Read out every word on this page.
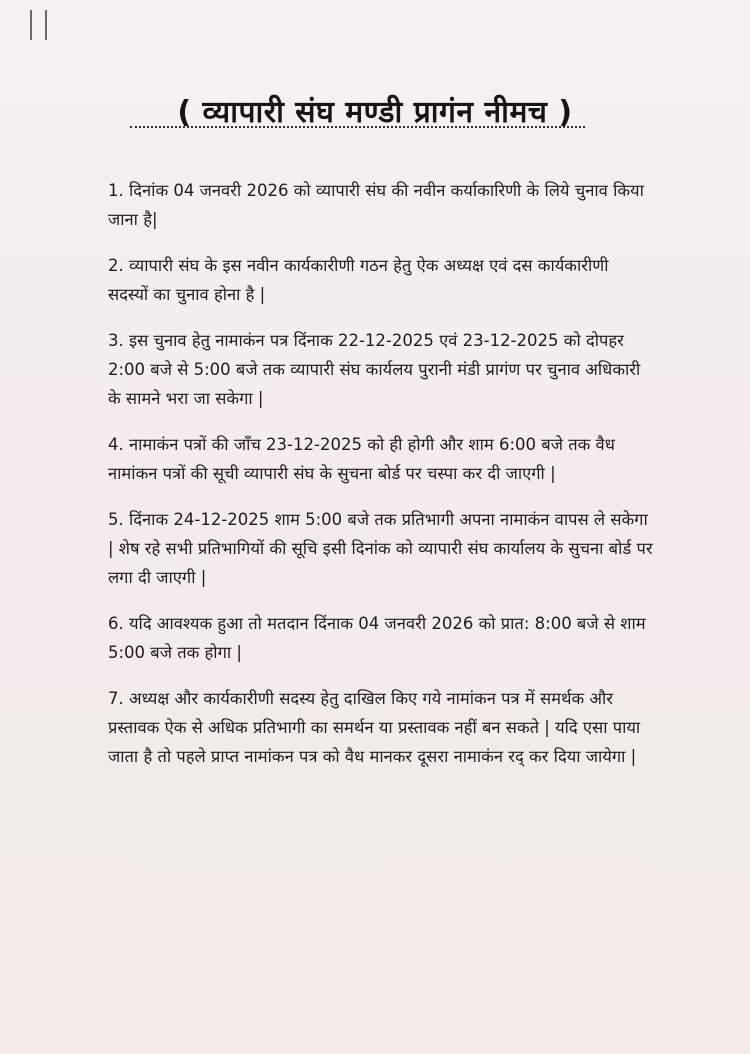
( व्यापारी संघ मण्डी प्रागंन नीमच )

1. दिनांक 04 जनवरी 2026 को व्यापारी संघ की नवीन कर्याकारिणी के लिये चुनाव किया जाना है|

2. व्यापारी संघ के इस नवीन कार्यकारीणी गठन हेतु ऐक अध्यक्ष एवं दस कार्यकारीणी सदस्यों का चुनाव होना है |

3. इस चुनाव हेतु नामाकंन पत्र दिंनाक 22-12-2025 एवं 23-12-2025 को दोपहर 2:00 बजे से 5:00 बजे तक व्यापारी संघ कार्यलय पुरानी मंडी प्रागंण पर चुनाव अधिकारी के सामने भरा जा सकेगा |

4. नामाकंन पत्रों की जाँच 23-12-2025 को ही होगी और शाम 6:00 बजे तक वैध नामांकन पत्रों की सूची व्यापारी संघ के सुचना बोर्ड पर चस्पा कर दी जाएगी |

5. दिंनाक 24-12-2025 शाम 5:00 बजे तक प्रतिभागी अपना नामाकंन वापस ले सकेगा | शेष रहे सभी प्रतिभागियों की सूचि इसी दिनांक को व्यापारी संघ कार्यालय के सुचना बोर्ड पर लगा दी जाएगी |

6. यदि आवश्यक हुआ तो मतदान दिंनाक 04 जनवरी 2026 को प्रात: 8:00 बजे से शाम 5:00 बजे तक होगा |

7. अध्यक्ष और कार्यकारीणी सदस्य हेतु दाखिल किए गये नामांकन पत्र में समर्थक और प्रस्तावक ऐक से अधिक प्रतिभागी का समर्थन या प्रस्तावक नहीं बन सकते | यदि एसा पाया जाता है तो पहले प्राप्त नामांकन पत्र को वैध मानकर दूसरा नामाकंन रद् कर दिया जायेगा |
